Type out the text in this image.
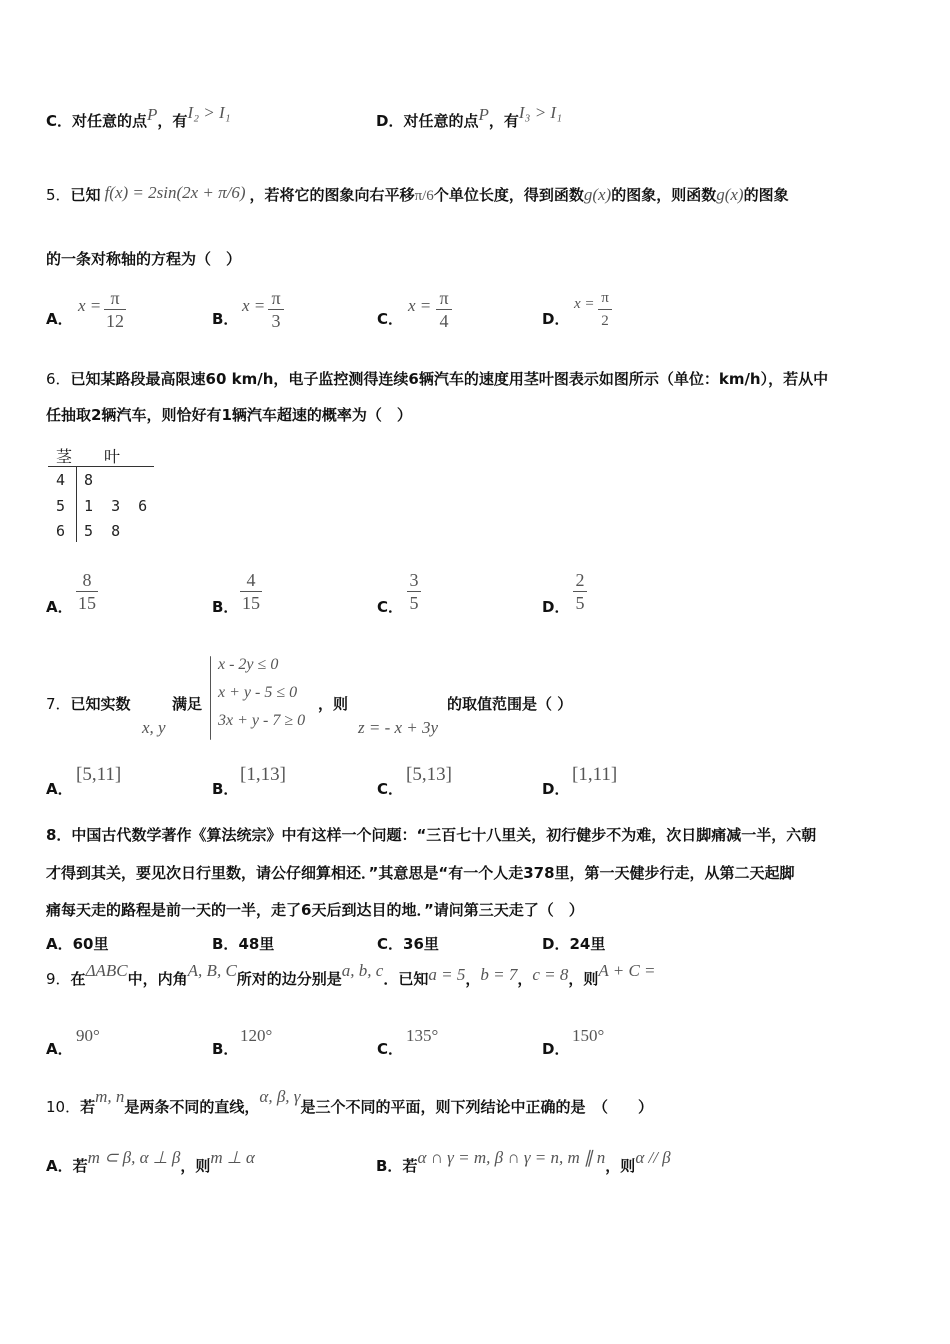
C．对任意的点P，有I₂ > I₁	D．对任意的点P，有I₃ > I₁
5．已知 f(x) = 2sin(2x + π/6) ，若将它的图象向右平移π/6个单位长度，得到函数g(x)的图象，则函数g(x)的图象
的一条对称轴的方程为（　）
A．
x = π
12	B．
x = π
3	C．
x = π
4	D．
x = π
2
6．已知某路段最高限速60 km/h，电子监控测得连续6辆汽车的速度用茎叶图表示如图所示（单位：km/h），若从中
任抽取2辆汽车，则恰好有1辆汽车超速的概率为（　）
茎 叶
4 8
5 1  3  6
6 5  8
A．
8
15	B．
4
15	C．
3
5	D．
2
5
7．已知实数
x, y
满足
x - 2y ≤ 0
x + y - 5 ≤ 0
3x + y - 7 ≥ 0
，则
z = - x + 3y
的取值范围是（ ）
A．
[5,11]
B．
[1,13]
C．
[5,13]
D．
[1,11]
8．中国古代数学著作《算法统宗》中有这样一个问题：“三百七十八里关，初行健步不为难，次日脚痛减一半，六朝
才得到其关，要见次日行里数，请公仔细算相还．”其意思是“有一个人走378里，第一天健步行走，从第二天起脚
痛每天走的路程是前一天的一半，走了6天后到达目的地．”请问第三天走了（　）
A．60里	B．48里	C．36里	D．24里
9．在ΔABC中，内角A, B, C所对的边分别是a, b, c．已知a = 5，b = 7，c = 8，则A + C =
A．
90°
B．
120°
C．
135°
D．
150°
10．若m, n是两条不同的直线，α, β, γ是三个不同的平面，则下列结论中正确的是　（　　）
A．若m ⊂ β, α ⊥ β，则m ⊥ α	B．若α ∩ γ = m, β ∩ γ = n, m ∥ n，则α // β
